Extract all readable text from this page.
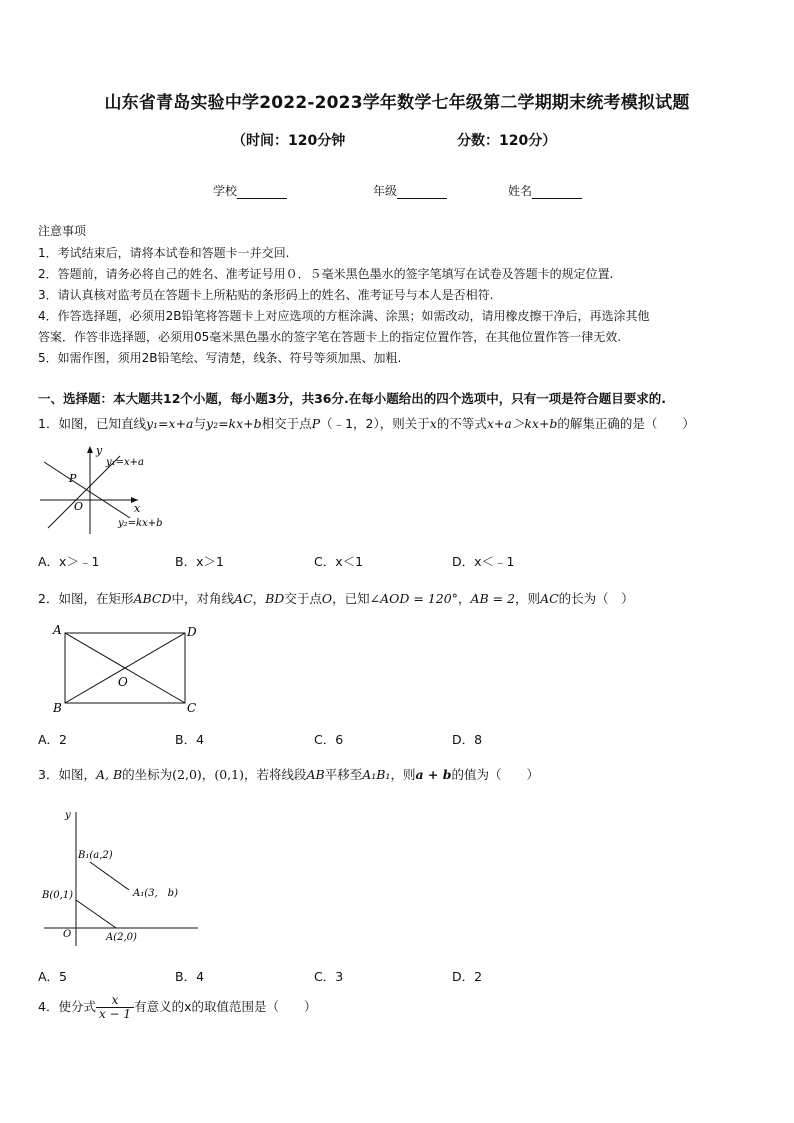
山东省青岛实验中学2022-2023学年数学七年级第二学期期末统考模拟试题
（时间：120分钟	分数：120分）
学校	年级	姓名
注意事项
1．考试结束后，请将本试卷和答题卡一并交回.
2．答题前，请务必将自己的姓名、准考证号用０．５毫米黑色墨水的签字笔填写在试卷及答题卡的规定位置.
3．请认真核对监考员在答题卡上所粘贴的条形码上的姓名、准考证号与本人是否相符.
4．作答选择题，必须用2B铅笔将答题卡上对应选项的方框涂满、涂黑；如需改动，请用橡皮擦干净后，再选涂其他
答案．作答非选择题，必须用05毫米黑色墨水的签字笔在答题卡上的指定位置作答，在其他位置作答一律无效.
5．如需作图，须用2B铅笔绘、写清楚，线条、符号等须加黑、加粗.
一、选择题：本大题共12个小题，每小题3分，共36分.在每小题给出的四个选项中，只有一项是符合题目要求的.
1．如图，已知直线y₁=x+a与y₂=kx+b相交于点P（﹣1，2），则关于x的不等式x+a＞kx+b的解集正确的是（　　）
y
x
O
P
y₁=x+a
y₂=kx+b
A．x＞﹣1	B．x＞1	C．x＜1	D．x＜﹣1
2．如图，在矩形ABCD中，对角线AC，BD交于点O，已知∠AOD = 120°，AB = 2，则AC的长为（　）
A	D
B	C
O
A．2	B．4	C．6	D．8
3．如图，A, B的坐标为(2,0)，(0,1)，若将线段AB平移至A₁B₁，则a + b的值为（　　）
y
O
B(0,1)
A(2,0)
B₁(a,2)
A₁(3,　b)
A．5	B．4	C．3	D．2
4．使分式 $\frac{x}{x - 1}$ 有意义的x的取值范围是（　　）
